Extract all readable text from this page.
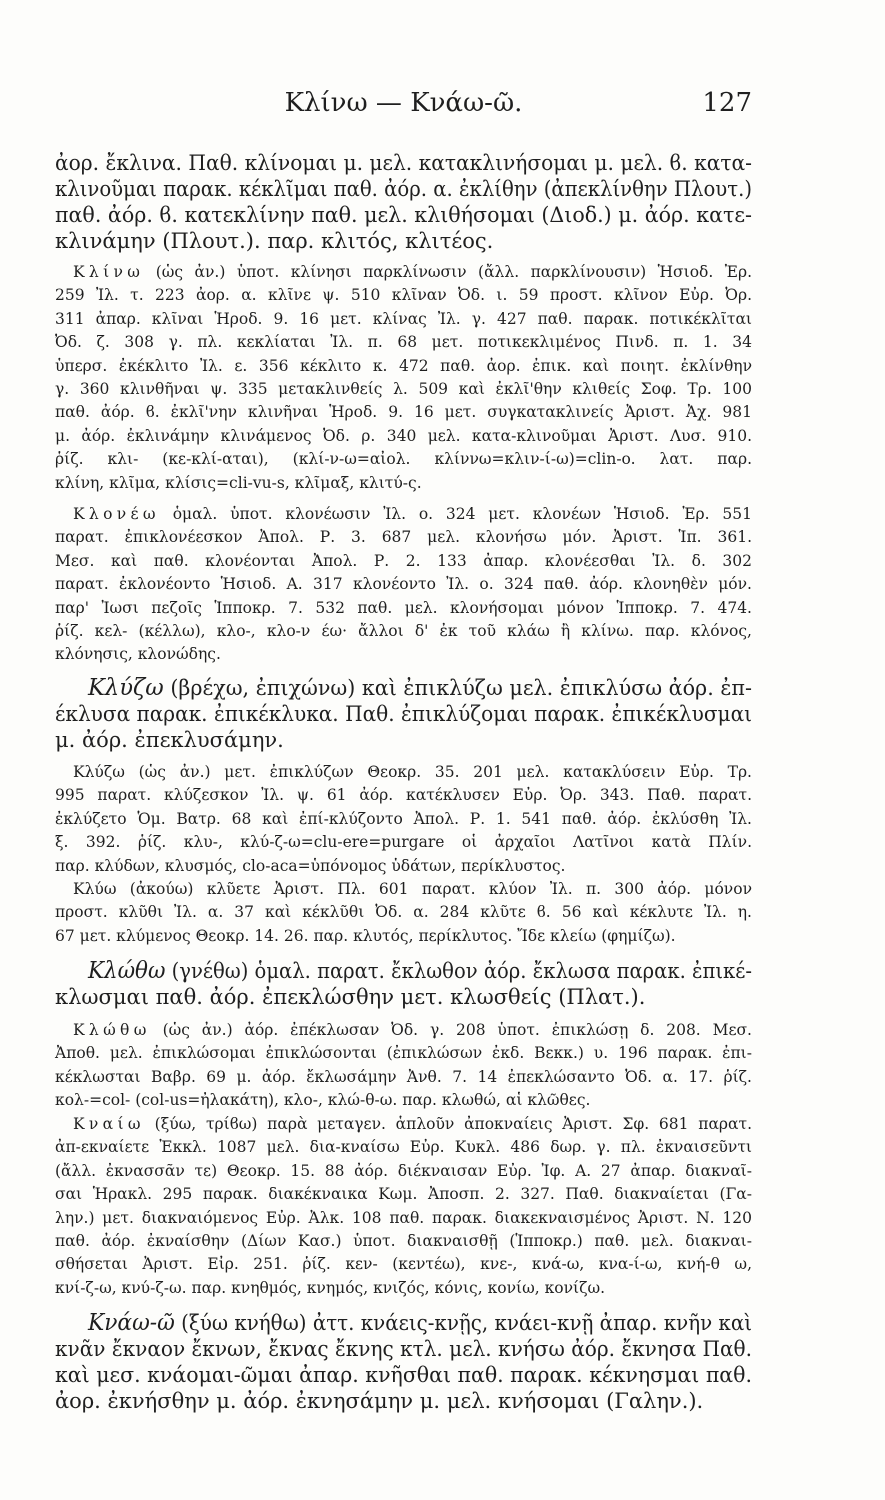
Κλίνω — Κνάω-ῶ.	127
ἀορ. ἔκλινα. Παθ. κλίνομαι μ. μελ. κατακλινήσομαι μ. μελ. ϐ. κατα-
κλινοῦμαι παρακ. κέκλῖμαι παθ. ἀόρ. α. ἐκλίθην (ἀπεκλίνθην Πλουτ.)
παθ. ἀόρ. ϐ. κατεκλίνην παθ. μελ. κλιθήσομαι (Διοδ.) μ. ἀόρ. κατε-
κλινάμην (Πλουτ.). παρ. κλιτός, κλιτέος.
Κλίνω (ὡς ἀν.) ὑποτ. κλίνησι παρκλίνωσιν (ἄλλ. παρκλίνουσιν) Ἡσιοδ. Ἐρ.
259 Ἰλ. τ. 223 ἀορ. α. κλῖνε ψ. 510 κλῖναν Ὀδ. ι. 59 προστ. κλῖνον Εὐρ. Ὀρ.
311 ἀπαρ. κλῖναι Ἡροδ. 9. 16 μετ. κλίνας Ἰλ. γ. 427 παθ. παρακ. ποτικέκλῖται
Ὀδ. ζ. 308 γ. πλ. κεκλίαται Ἰλ. π. 68 μετ. ποτικεκλιμένος Πινδ. π. 1. 34
ὑπερσ. ἐκέκλιτο Ἰλ. ε. 356 κέκλιτο κ. 472 παθ. ἀορ. ἐπικ. καὶ ποιητ. ἐκλίνθην
γ. 360 κλινθῆναι ψ. 335 μετακλινθείς λ. 509 καὶ ἐκλῖ'θην κλιθείς Σοφ. Τρ. 100
παθ. ἀόρ. ϐ. ἐκλῖ'νην κλινῆναι Ἡροδ. 9. 16 μετ. συγκατακλινείς Ἀριστ. Ἀχ. 981
μ. ἀόρ. ἐκλινάμην κλινάμενος Ὀδ. ρ. 340 μελ. κατα-κλινοῦμαι Ἀριστ. Λυσ. 910.
ῥίζ. κλι- (κε-κλί-αται), (κλί-ν-ω=αἰολ. κλίννω=κλιν-ί-ω)=clin-o. λατ. παρ.
κλίνη, κλῖμα, κλίσις=cli-vu-s, κλῖμαξ, κλιτύ-ς.
Κλονέω ὁμαλ. ὑποτ. κλονέωσιν Ἰλ. ο. 324 μετ. κλονέων Ἡσιοδ. Ἐρ. 551
παρατ. ἐπικλονέεσκον Ἀπολ. Ρ. 3. 687 μελ. κλονήσω μόν. Ἀριστ. Ἱπ. 361.
Μεσ. καὶ παθ. κλονέονται Ἀπολ. Ρ. 2. 133 ἀπαρ. κλονέεσθαι Ἰλ. δ. 302
παρατ. ἐκλονέοντο Ἡσιοδ. Α. 317 κλονέοντο Ἰλ. ο. 324 παθ. ἀόρ. κλονηθὲν μόν.
παρ' Ἰωσι πεζοῖς Ἱπποκρ. 7. 532 παθ. μελ. κλονήσομαι μόνον Ἱπποκρ. 7. 474.
ῥίζ. κελ- (κέλλω), κλο-, κλο-ν έω· ἄλλοι δ' ἐκ τοῦ κλάω ἢ κλίνω. παρ. κλόνος,
κλόνησις, κλονώδης.
Κλύζω (βρέχω, ἐπιχώνω) καὶ ἐπικλύζω μελ. ἐπικλύσω ἀόρ. ἐπ-
έκλυσα παρακ. ἐπικέκλυκα. Παθ. ἐπικλύζομαι παρακ. ἐπικέκλυσμαι
μ. ἀόρ. ἐπεκλυσάμην.
Κλύζω (ὡς ἀν.) μετ. ἐπικλύζων Θεοκρ. 35. 201 μελ. κατακλύσειν Εὐρ. Τρ.
995 παρατ. κλύζεσκον Ἰλ. ψ. 61 ἀόρ. κατέκλυσεν Εὐρ. Ὀρ. 343. Παθ. παρατ.
ἐκλύζετο Ὁμ. Βατρ. 68 καὶ ἐπί-κλύζοντο Ἀπολ. Ρ. 1. 541 παθ. ἀόρ. ἐκλύσθη Ἰλ.
ξ. 392. ῥίζ. κλυ-, κλύ-ζ-ω=clu-ere=purgare οἱ ἀρχαῖοι Λατῖνοι κατὰ Πλίν.
παρ. κλύδων, κλυσμός, clo-aca=ὑπόνομος ὑδάτων, περίκλυστος.
Κλύω (ἀκούω) κλῦετε Ἀριστ. Πλ. 601 παρατ. κλύον Ἰλ. π. 300 ἀόρ. μόνον
προστ. κλῦθι Ἰλ. α. 37 καὶ κέκλῦθι Ὀδ. α. 284 κλῦτε ϐ. 56 καὶ κέκλυτε Ἰλ. η.
67 μετ. κλύμενος Θεοκρ. 14. 26. παρ. κλυτός, περίκλυτος. Ἴδε κλείω (φημίζω).
Κλώθω (γνέθω) ὁμαλ. παρατ. ἔκλωθον ἀόρ. ἔκλωσα παρακ. ἐπικέ-
κλωσμαι παθ. ἀόρ. ἐπεκλώσθην μετ. κλωσθείς (Πλατ.).
Κλώθω (ὡς ἀν.) ἀόρ. ἐπέκλωσαν Ὀδ. γ. 208 ὑποτ. ἐπικλώσῃ δ. 208. Μεσ.
Ἀποθ. μελ. ἐπικλώσομαι ἐπικλώσονται (ἐπικλώσων ἐκδ. Βεκκ.) υ. 196 παρακ. ἐπι-
κέκλωσται Βαβρ. 69 μ. ἀόρ. ἔκλωσάμην Ἀνθ. 7. 14 ἐπεκλώσαντο Ὀδ. α. 17. ῥίζ.
κολ-=col- (col-us=ἠλακάτη), κλο-, κλώ-θ-ω. παρ. κλωθώ, αἱ κλῶθες.
Κναίω (ξύω, τρίϐω) παρὰ μεταγεν. ἁπλοῦν ἀποκναίεις Ἀριστ. Σφ. 681 παρατ.
ἀπ-εκναίετε Ἐκκλ. 1087 μελ. δια-κναίσω Εὐρ. Κυκλ. 486 δωρ. γ. πλ. ἐκναισεῦντι
(ἄλλ. ἐκνασσᾶν τε) Θεοκρ. 15. 88 ἀόρ. διέκναισαν Εὐρ. Ἰφ. Α. 27 ἀπαρ. διακναῖ-
σαι Ἡρακλ. 295 παρακ. διακέκναικα Κωμ. Ἀποσπ. 2. 327. Παθ. διακναίεται (Γα-
λην.) μετ. διακναιόμενος Εὐρ. Ἀλκ. 108 παθ. παρακ. διακεκναισμένος Ἀριστ. Ν. 120
παθ. ἀόρ. ἐκναίσθην (Δίων Κασ.) ὑποτ. διακναισθῇ (Ἱπποκρ.) παθ. μελ. διακναι-
σθήσεται Ἀριστ. Εἰρ. 251. ῥίζ. κεν- (κεντέω), κνε-, κνά-ω, κνα-ί-ω, κνή-θ ω,
κνί-ζ-ω, κνύ-ζ-ω. παρ. κνηθμός, κνημός, κνιζός, κόνις, κονίω, κονίζω.
Κνάω-ῶ (ξύω κνήθω) ἀττ. κνάεις-κνῇς, κνάει-κνῇ ἀπαρ. κνῆν καὶ
κνᾶν ἔκναον ἔκνων, ἔκνας ἔκνης κτλ. μελ. κνήσω ἀόρ. ἔκνησα Παθ.
καὶ μεσ. κνάομαι-ῶμαι ἀπαρ. κνῆσθαι παθ. παρακ. κέκνησμαι παθ.
ἀορ. ἐκνήσθην μ. ἀόρ. ἐκνησάμην μ. μελ. κνήσομαι (Γαλην.).
